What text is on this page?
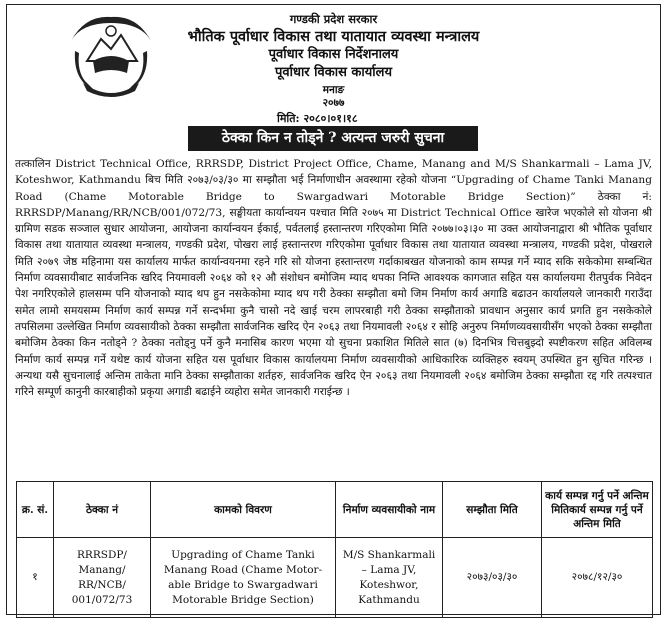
गण्डकी प्रदेश सरकार
भौतिक पूर्वाधार विकास तथा यातायात व्यवस्था मन्त्रालय
पूर्वाधार विकास निर्देशनालय
पूर्वाधार विकास कार्यालय
मनाङ
२०७७
मिति: २०८०।०१।१८
ठेक्का किन न तोड्ने ? अत्यन्त जरुरी सुचना

तत्कालिन District Technical Office, RRRSDP, District Project Office, Chame, Manang and M/S Shankarmali – Lama JV, Koteshwor, Kathmandu बिच मिति २०७३/०३/३० मा सम्झौता भई निर्माणाधीन अवस्थामा रहेको योजना “Upgrading of Chame Tanki Manang Road (Chame Motorable Bridge to Swargadwari Motorable Bridge Section)” ठेक्का नं: RRRSDP/Manang/RR/NCB/001/072/73, सङ्घीयता कार्यान्वयन पश्चात मिति २०७५ मा District Technical Office खारेज भएकोले सो योजना श्री ग्रामिण सडक सञ्जाल सुधार आयोजना, आयोजना कार्यान्वयन ईकाई, पर्वतलाई हस्तान्तरण गरिएकोमा मिति २०७७।०३।३० मा उक्त आयोजनाद्वारा श्री भौतिक पूर्वाधार विकास तथा यातायात व्यवस्था मन्त्रालय, गण्डकी प्रदेश, पोखरा लाई हस्तान्तरण गरिएकोमा पूर्वाधार विकास तथा यातायात व्यवस्था मन्त्रालय, गण्डकी प्रदेश, पोखराले मिति २०७९ जेष्ठ महिनामा यस कार्यालय मार्फत कार्यान्वयनमा रहने गरि सो योजना हस्तान्तरण गर्दाकाबखत योजनाको काम सम्पन्न गर्ने म्याद सकि सकेकोमा सम्बन्धित निर्माण व्यवसायीबाट सार्वजनिक खरिद नियमावली २०६४ को १२ औ संशोधन बमोजिम म्याद थपका निम्ति आवश्यक कागजात सहित यस कार्यालयमा रीतपुर्वक निवेदन पेश नगरिएकोले हालसम्म पनि योजनाको म्याद थप हुन नसकेकोमा म्याद थप गरी ठेक्का सम्झौता बमो जिम निर्माण कार्य अगाडि बढाउन कार्यालयले जानकारी गराउँदा समेत लामो समयसम्म निर्माण कार्य सम्पन्न गर्ने सन्दर्भमा कुनै चासो नदे खाई चरम लापरबाही गरी ठेक्का सम्झौताको प्रावधान अनुसार कार्य प्रगति हुन नसकेकोले तपसिलमा उल्लेखित निर्माण व्यवसायीको ठेक्का सम्झौता सार्वजनिक खरिद ऐन २०६३ तथा नियमावली २०६४ र सोहि अनुरुप निर्माणव्यवसायीसँग भएको ठेक्का सम्झौता बमोजिम ठेक्का किन नतोड्ने ? ठेक्का नतोड्नु पर्ने कुनै मनासिब कारण भएमा यो सुचना प्रकाशित मितिले सात (७) दिनभित्र चित्तबुझ्दो स्पष्टीकरण सहित अविलम्ब निर्माण कार्य सम्पन्न गर्ने यथेष्ट कार्य योजना सहित यस पूर्वाधार विकास कार्यालयमा निर्माण व्यवसायीको आधिकारिक व्यक्तिहरु स्वयम् उपस्थित हुन सुचित गरिन्छ । अन्यथा यसै सुचनालाई अन्तिम ताकेता मानि ठेक्का सम्झौताका शर्तहरु, सार्वजनिक खरिद ऐन २०६३ तथा नियमावली २०६४ बमोजिम ठेक्का सम्झौता रद्द गरि तत्पश्चात गरिने सम्पूर्ण कानुनी कारबाहीको प्रकृया अगाडी बढाईने व्यहोरा समेत जानकारी गराईन्छ ।

क्र. सं.	ठेक्का नं	कामको विवरण	निर्माण व्यवसायीको नाम	सम्झौता मिति	कार्य सम्पन्न गर्नु पर्ने अन्तिम मितिकार्य सम्पन्न गर्नु पर्ने अन्तिम मिति
१	RRRSDP/ Manang/ RR/NCB/ 001/072/73	Upgrading of Chame Tanki Manang Road (Chame Motor-able Bridge to Swargadwari Motorable Bridge Section)	M/S Shankarmali – Lama JV, Koteshwor, Kathmandu	२०७३/०३/३०	२०७८/१२/३०
